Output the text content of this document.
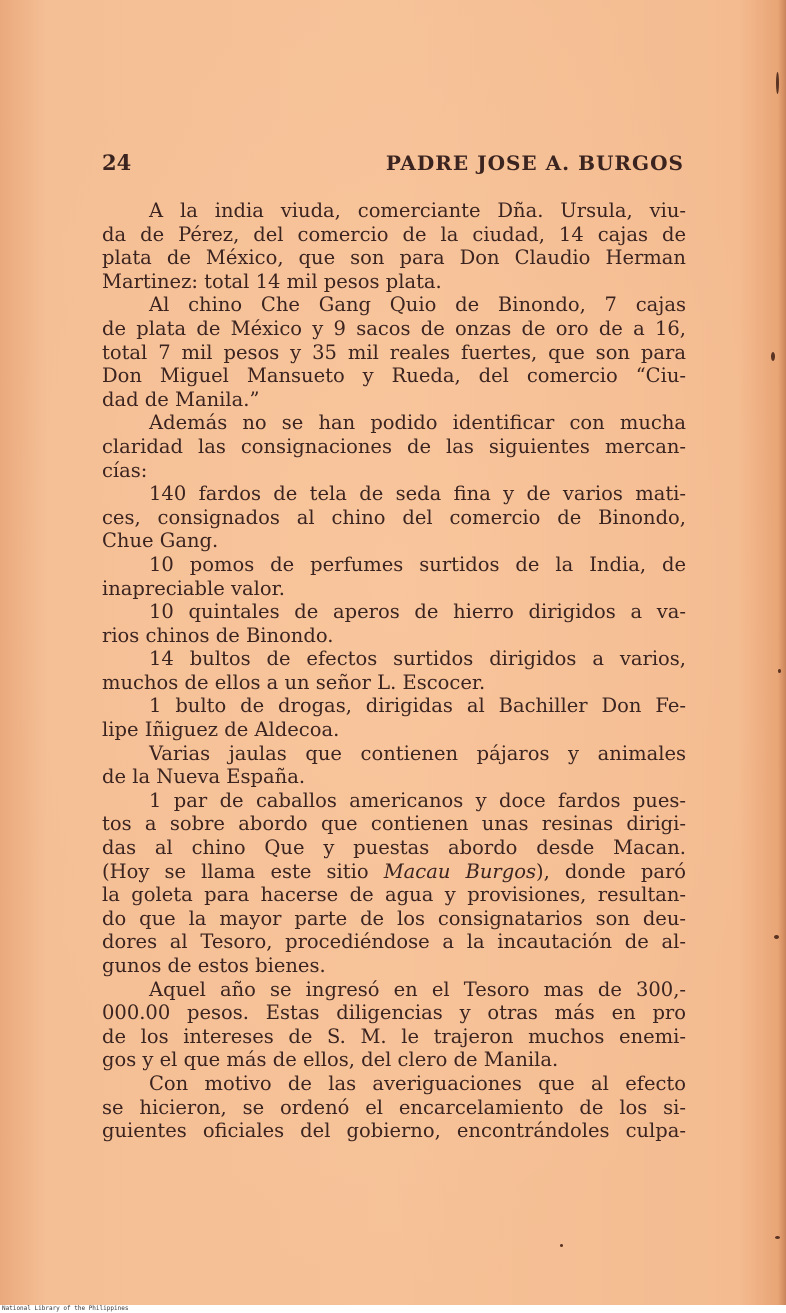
24	PADRE JOSE A. BURGOS
A la india viuda, comerciante Dña. Ursula, viu-
da de Pérez, del comercio de la ciudad, 14 cajas de
plata de México, que son para Don Claudio Herman
Martinez: total 14 mil pesos plata.
Al chino Che Gang Quio de Binondo, 7 cajas
de plata de México y 9 sacos de onzas de oro de a 16,
total 7 mil pesos y 35 mil reales fuertes, que son para
Don Miguel Mansueto y Rueda, del comercio “Ciu-
dad de Manila.”
Además no se han podido identificar con mucha
claridad las consignaciones de las siguientes mercan-
cías:
140 fardos de tela de seda fina y de varios mati-
ces, consignados al chino del comercio de Binondo,
Chue Gang.
10 pomos de perfumes surtidos de la India, de
inapreciable valor.
10 quintales de aperos de hierro dirigidos a va-
rios chinos de Binondo.
14 bultos de efectos surtidos dirigidos a varios,
muchos de ellos a un señor L. Escocer.
1 bulto de drogas, dirigidas al Bachiller Don Fe-
lipe Iñiguez de Aldecoa.
Varias jaulas que contienen pájaros y animales
de la Nueva España.
1 par de caballos americanos y doce fardos pues-
tos a sobre abordo que contienen unas resinas dirigi-
das al chino Que y puestas abordo desde Macan.
(Hoy se llama este sitio Macau Burgos), donde paró
la goleta para hacerse de agua y provisiones, resultan-
do que la mayor parte de los consignatarios son deu-
dores al Tesoro, procediéndose a la incautación de al-
gunos de estos bienes.
Aquel año se ingresó en el Tesoro mas de 300,-
000.00 pesos. Estas diligencias y otras más en pro
de los intereses de S. M. le trajeron muchos enemi-
gos y el que más de ellos, del clero de Manila.
Con motivo de las averiguaciones que al efecto
se hicieron, se ordenó el encarcelamiento de los si-
guientes oficiales del gobierno, encontrándoles culpa-
National Library of the Philippines
